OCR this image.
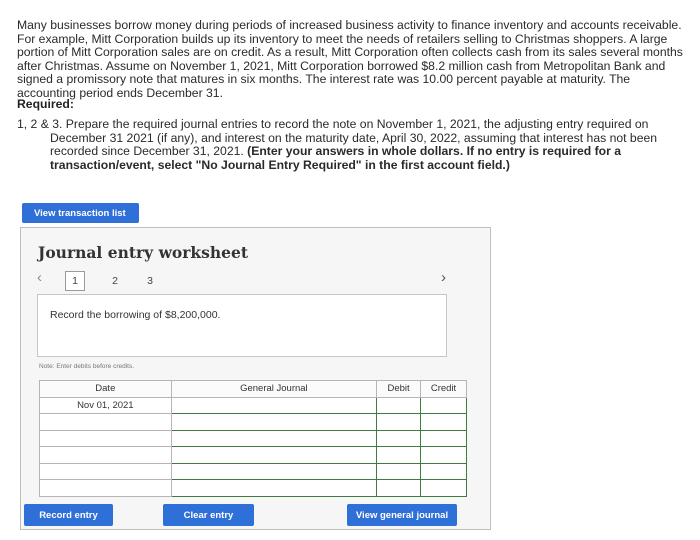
Many businesses borrow money during periods of increased business activity to finance inventory and accounts receivable. For example, Mitt Corporation builds up its inventory to meet the needs of retailers selling to Christmas shoppers. A large portion of Mitt Corporation sales are on credit. As a result, Mitt Corporation often collects cash from its sales several months after Christmas. Assume on November 1, 2021, Mitt Corporation borrowed $8.2 million cash from Metropolitan Bank and signed a promissory note that matures in six months. The interest rate was 10.00 percent payable at maturity. The accounting period ends December 31.
Required:
1, 2 & 3. Prepare the required journal entries to record the note on November 1, 2021, the adjusting entry required on December 31 2021 (if any), and interest on the maturity date, April 30, 2022, assuming that interest has not been recorded since December 31, 2021. (Enter your answers in whole dollars. If no entry is required for a transaction/event, select "No Journal Entry Required" in the first account field.)
View transaction list
Journal entry worksheet
‹	1	2	3	›
Record the borrowing of $8,200,000.
Note: Enter debits before credits.
Date	General Journal	Debit	Credit
Nov 01, 2021			

Record entry	Clear entry	View general journal
